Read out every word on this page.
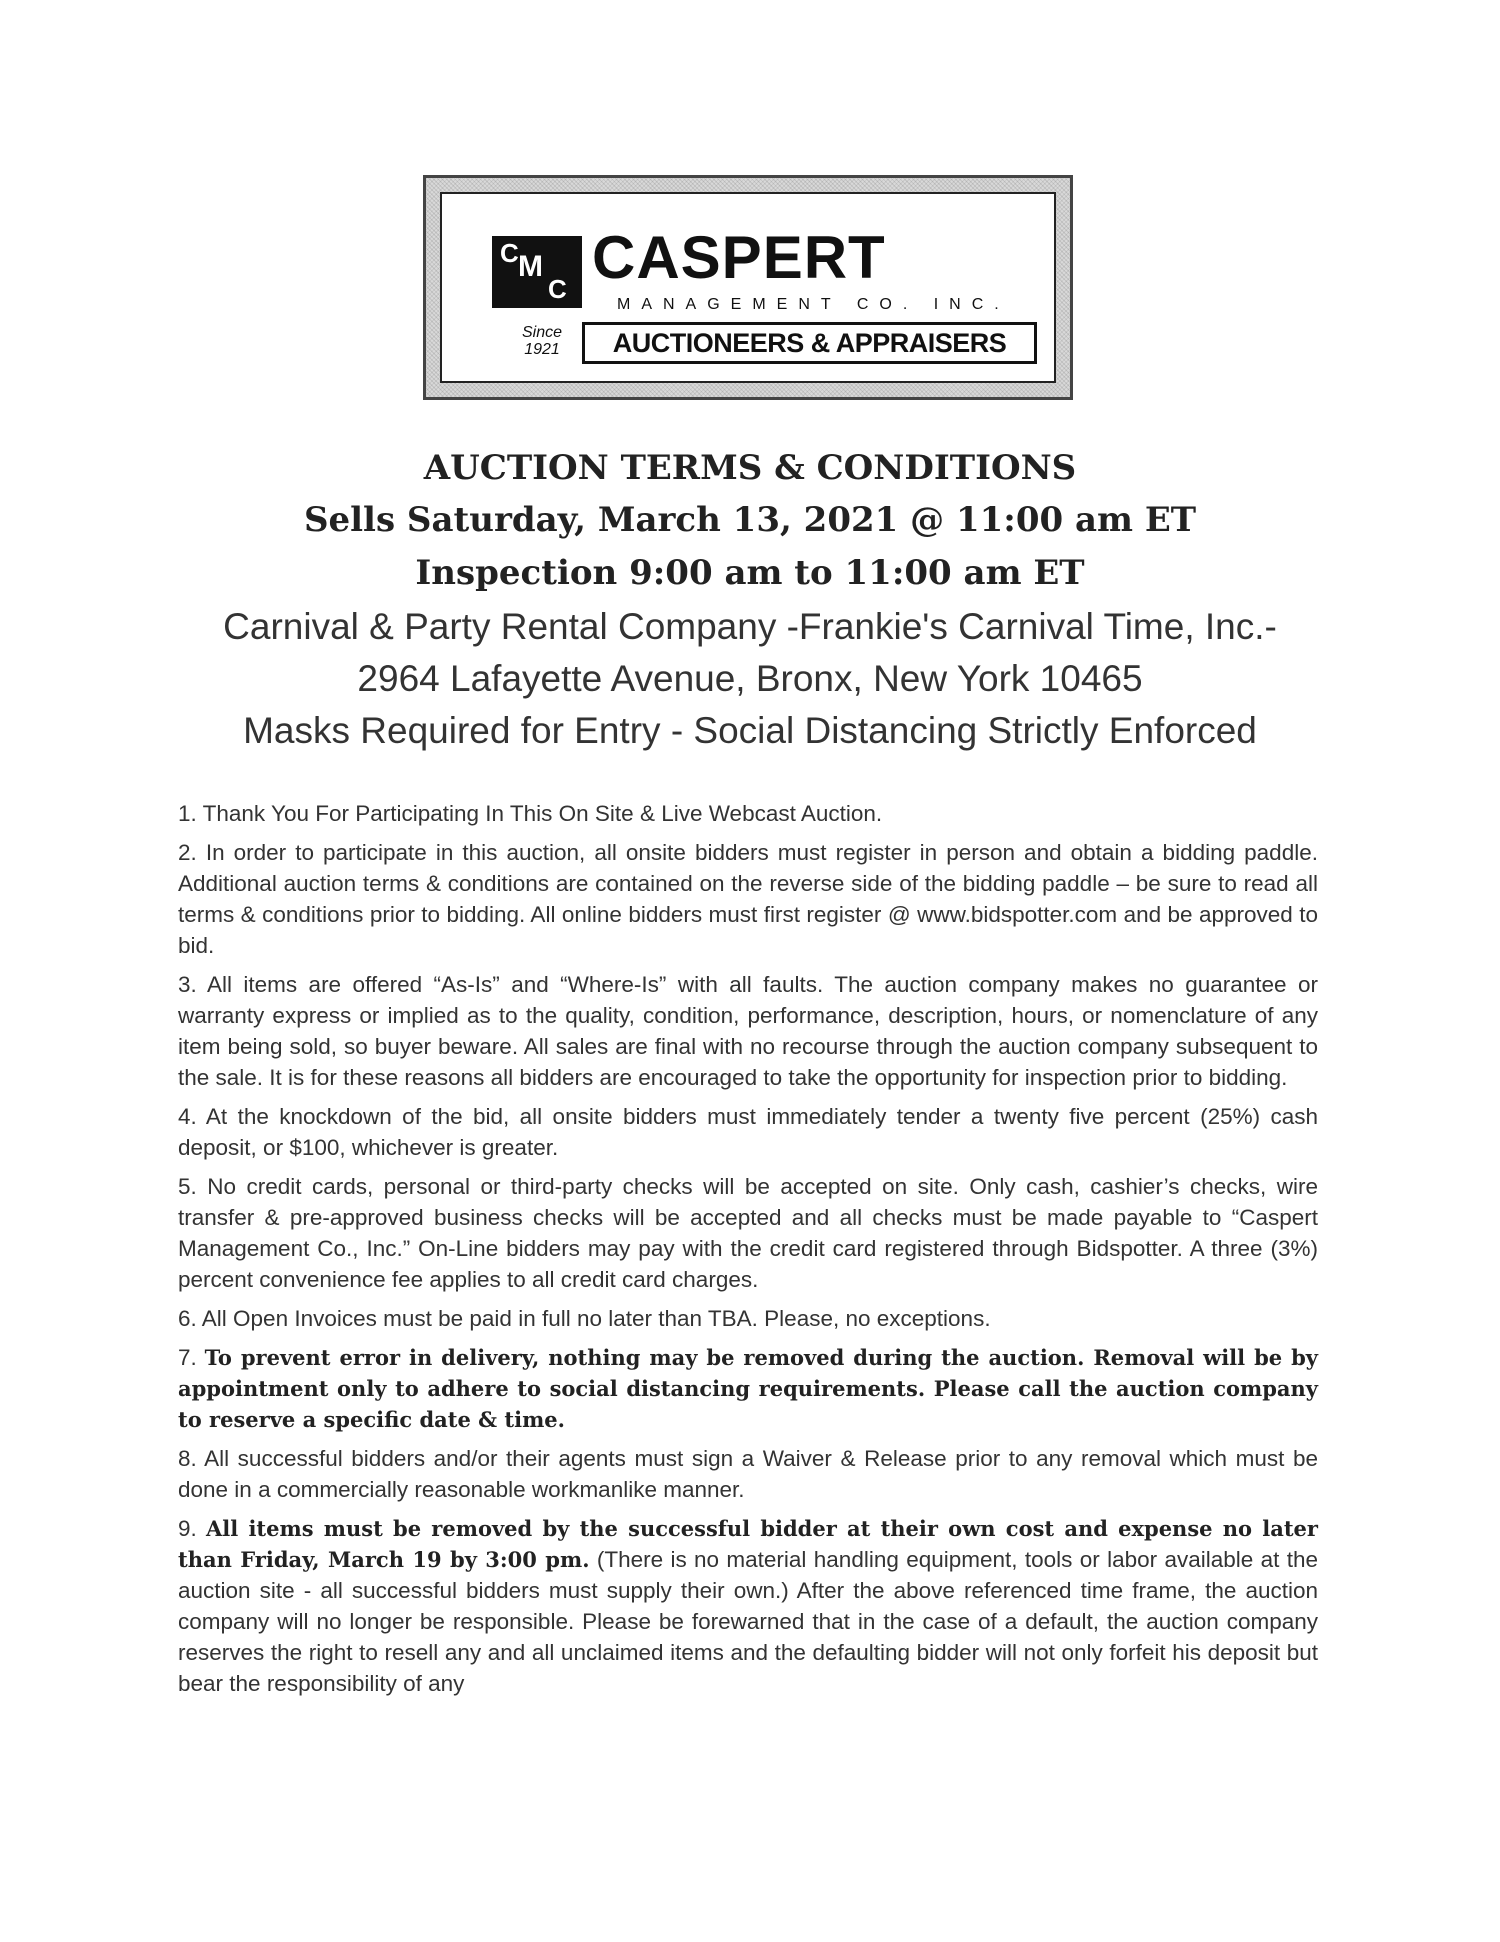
C M
C CASPERT
MANAGEMENT CO. INC.
Since
1921	AUCTIONEERS & APPRAISERS
AUCTION TERMS & CONDITIONS
Sells Saturday, March 13, 2021 @ 11:00 am ET
Inspection 9:00 am to 11:00 am ET

Carnival & Party Rental Company -Frankie's Carnival Time, Inc.-

2964 Lafayette Avenue, Bronx, New York 10465

Masks Required for Entry - Social Distancing Strictly Enforced

1. Thank You For Participating In This On Site & Live Webcast Auction.

2. In order to participate in this auction, all onsite bidders must register in person and obtain a bidding paddle. Additional auction terms & conditions are contained on the reverse side of the bidding paddle – be sure to read all terms & conditions prior to bidding. All online bidders must first register @ www.bidspotter.com and be approved to bid.

3. All items are offered “As-Is” and “Where-Is” with all faults. The auction company makes no guarantee or warranty express or implied as to the quality, condition, performance, description, hours, or nomenclature of any item being sold, so buyer beware. All sales are final with no recourse through the auction company subsequent to the sale. It is for these reasons all bidders are encouraged to take the opportunity for inspection prior to bidding.

4. At the knockdown of the bid, all onsite bidders must immediately tender a twenty five percent (25%) cash deposit, or $100, whichever is greater.

5. No credit cards, personal or third-party checks will be accepted on site. Only cash, cashier’s checks, wire transfer & pre-approved business checks will be accepted and all checks must be made payable to “Caspert Management Co., Inc.” On-Line bidders may pay with the credit card registered through Bidspotter. A three (3%) percent convenience fee applies to all credit card charges.

6. All Open Invoices must be paid in full no later than TBA. Please, no exceptions.

7. To prevent error in delivery, nothing may be removed during the auction. Removal will be by appointment only to adhere to social distancing requirements. Please call the auction company to reserve a specific date & time.

8. All successful bidders and/or their agents must sign a Waiver & Release prior to any removal which must be done in a commercially reasonable workmanlike manner.

9. All items must be removed by the successful bidder at their own cost and expense no later than Friday, March 19 by 3:00 pm. (There is no material handling equipment, tools or labor available at the auction site - all successful bidders must supply their own.) After the above referenced time frame, the auction company will no longer be responsible. Please be forewarned that in the case of a default, the auction company reserves the right to resell any and all unclaimed items and the defaulting bidder will not only forfeit his deposit but bear the responsibility of any
